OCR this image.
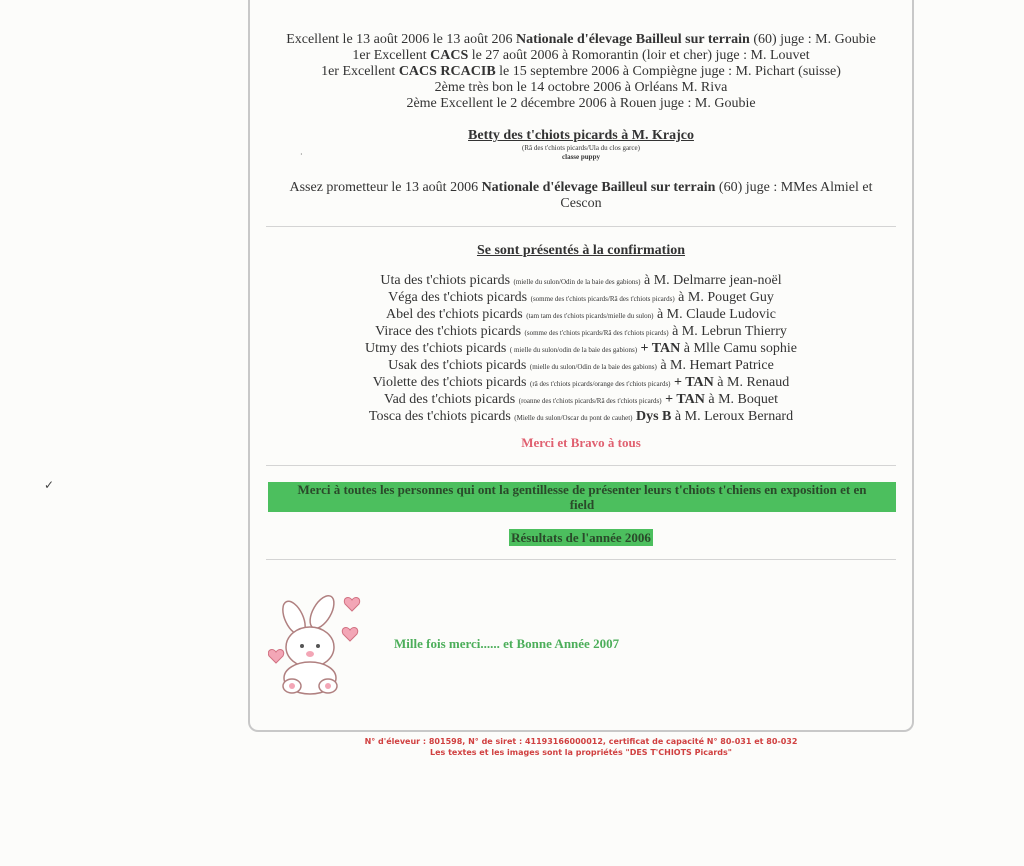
Excellent le 13 août 2006 le 13 août 206 Nationale d'élevage Bailleul sur terrain (60) juge : M. Goubie
1er Excellent CACS le 27 août 2006 à Romorantin (loir et cher) juge : M. Louvet
1er Excellent CACS RCACIB le 15 septembre 2006 à Compiègne juge : M. Pichart (suisse)
2ème très bon le 14 octobre 2006 à Orléans M. Riva
2ème Excellent le 2 décembre 2006 à Rouen juge : M. Goubie
Betty des t'chiots picards à M. Krajco
(Râ des t'chiots picards/Ula du clos garce)
classe puppy
Assez prometteur le 13 août 2006 Nationale d'élevage Bailleul sur terrain (60) juge : MMes Almiel et
Cescon
Se sont présentés à la confirmation
Uta des t'chiots picards (mielle du sulon/Odin de la baie des gabions) à M. Delmarre jean-noël
Véga des t'chiots picards (somme des t'chiots picards/Râ des t'chiots picards) à M. Pouget Guy
Abel des t'chiots picards (tam tam des t'chiots picards/mielle du sulon) à M. Claude Ludovic
Virace des t'chiots picards (somme des t'chiots picards/Râ des t'chiots picards) à M. Lebrun Thierry
Utmy des t'chiots picards ( mielle du sulon/odin de la baie des gabions) + TAN à Mlle Camu sophie
Usak des t'chiots picards (mielle du sulon/Odin de la baie des gabions) à M. Hemart Patrice
Violette des t'chiots picards (râ des t'chiots picards/orange des t'chiots picards) + TAN à M. Renaud
Vad des t'chiots picards (roanne des t'chiots picards/Râ des t'chiots picards) + TAN à M. Boquet
Tosca des t'chiots picards (Mielle du sulon/Oscar du pont de cauhet) Dys B à M. Leroux Bernard
Merci et Bravo à tous
Merci à toutes les personnes qui ont la gentillesse de présenter leurs t'chiots t'chiens en exposition et en
field
Résultats de l'année 2006
Mille fois merci...... et Bonne Année 2007
N° d'éleveur : 801598, N° de siret : 41193166000012, certificat de capacité N° 80-031 et 80-032
Les textes et les images sont la propriétés "DES T'CHIOTS Picards"
✓
·
